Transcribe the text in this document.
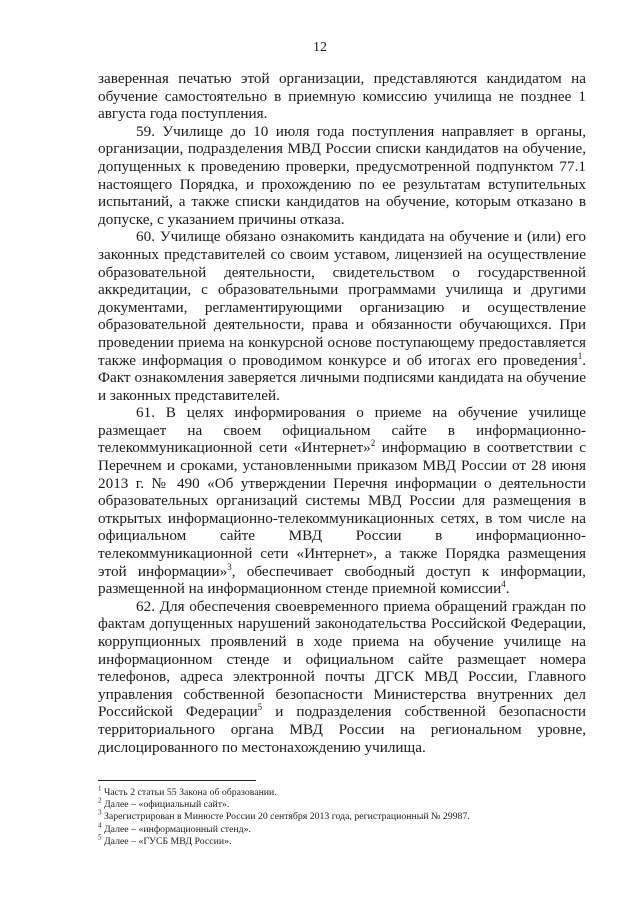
12

заверенная печатью этой организации, представляются кандидатом на обучение самостоятельно в приемную комиссию училища не позднее 1 августа года поступления.

59. Училище до 10 июля года поступления направляет в органы, организации, подразделения МВД России списки кандидатов на обучение, допущенных к проведению проверки, предусмотренной подпунктом 77.1 настоящего Порядка, и прохождению по ее результатам вступительных испытаний, а также списки кандидатов на обучение, которым отказано в допуске, с указанием причины отказа.

60. Училище обязано ознакомить кандидата на обучение и (или) его законных представителей со своим уставом, лицензией на осуществление образовательной деятельности, свидетельством о государственной аккредитации, с образовательными программами училища и другими документами, регламентирующими организацию и осуществление образовательной деятельности, права и обязанности обучающихся. При проведении приема на конкурсной основе поступающему предоставляется также информация о проводимом конкурсе и об итогах его проведения$^1$. Факт ознакомления заверяется личными подписями кандидата на обучение и законных представителей.

61. В целях информирования о приеме на обучение училище размещает на своем официальном сайте в информационно-телекоммуникационной сети «Интернет»$^2$ информацию в соответствии с Перечнем и сроками, установленными приказом МВД России от 28 июня 2013 г. № 490 «Об утверждении Перечня информации о деятельности образовательных организаций системы МВД России для размещения в открытых информационно-телекоммуникационных сетях, в том числе на официальном сайте МВД России в информационно-телекоммуникационной сети «Интернет», а также Порядка размещения этой информации»$^3$, обеспечивает свободный доступ к информации, размещенной на информационном стенде приемной комиссии$^4$.

62. Для обеспечения своевременного приема обращений граждан по фактам допущенных нарушений законодательства Российской Федерации, коррупционных проявлений в ходе приема на обучение училище на информационном стенде и официальном сайте размещает номера телефонов, адреса электронной почты ДГСК МВД России, Главного управления собственной безопасности Министерства внутренних дел Российской Федерации$^5$ и подразделения собственной безопасности территориального органа МВД России на региональном уровне, дислоцированного по местонахождению училища.

$^1$ Часть 2 статьи 55 Закона об образовании.

$^2$ Далее – «официальный сайт».

$^3$ Зарегистрирован в Минюсте России 20 сентября 2013 года, регистрационный № 29987.

$^4$ Далее – «информационный стенд».

$^5$ Далее – «ГУСБ МВД России».
